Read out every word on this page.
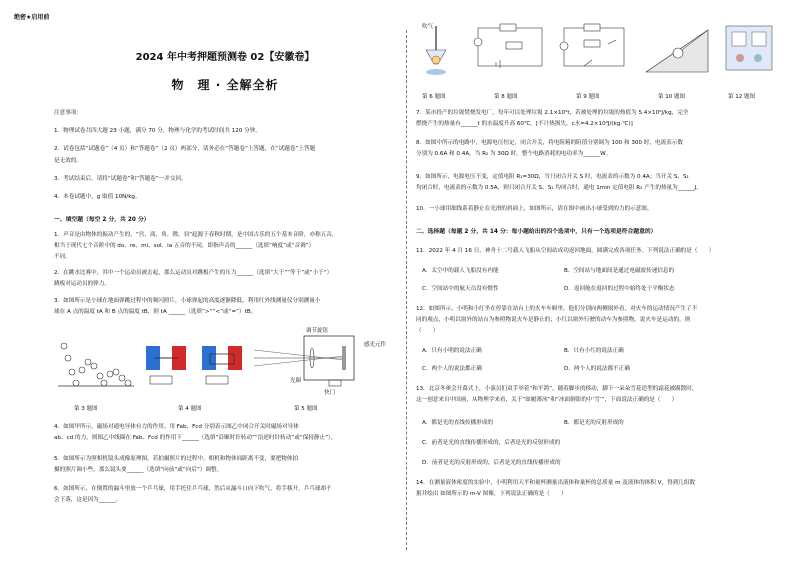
绝密★启用前
2024 年中考押题预测卷 02【安徽卷】
物　理 · 全解全析
注意事项：
1．物理试卷共四大题 23 小题，满分 70 分，物理与化学的考试时间共 120 分钟。
2．试卷包括“试题卷”（4 页）和“答题卷”（2 页）两部分，请务必在“答题卷”上答题，在“试题卷”上答题
是无效的。
3．考试结束后，请将“试题卷”和“答题卷”一并交回。
4．本卷试题中，g 取值 10N/kg。
一、填空题（每空 2 分，共 20 分）
1．声音是由物体的振动产生的，“宫、商、角、徵、羽”起源于春秋时期，是中国古乐的五个基本音阶，亦称五音，
相当于现代七个音阶中的 do、re、mi、sol、la 五音的不同，即指声音的______（选填“响度”或“音调”）
不同。
2．在跳水比赛中，其中一个运动员被击起，那么运动员对跳板产生的压力______（选填“大于”“等于”或“小于”）
跳板对运动员的弹力。
3．如图所示是小球在地面弹跳过程中的频闪照片，小球弹起的高度逐渐降低，利用红外线测量仪分别测量小
球在 A 点的温度 tA 和 B 点的温度 tB，则 tA ______（选填“>”“<”或“=”）tB。
调节旋钮
感光元件
光圈
快门
第 3 题图	第 4 题图	第 5 题图
4．如图甲所示，磁场对通电导体有力的作用。用 Fab、Fcd 分别表示图乙中闭合开关时磁场对导体
ab、cd 的力，则图乙中线圈在 Fab、Fcd 的作用下______（选填“沿顺时针转动”“沿逆时针转动”或“保持静止”）。
5．如图所示为照相机镜头成像原理图，若拍摄照片的过程中，相机和物体间距离不变，要把物体拍
摄的照片调小些，那么镜头要______（选填“向前”或“向后”）调整。
6．如图所示，在倒置的漏斗里放一个乒乓球，用手托住乒乓球，然后从漏斗口向下吹气，将手移开，乒乓球却不
会下落，这是因为______。
吹气
第 6 题图	第 8 题图	第 9 题图	第 10 题图	第 12 题图
7．某市投产的垃圾焚烧发电厂，每年可以处理垃圾 2.1×10⁵t，若被处理的垃圾的热值为 5.4×10⁶J/kg，完全
燃烧产生的热量有______t 的水温度升高 60℃。[不计热损失，c水=4.2×10³J/(kg·℃)]
8．如图中所示的电路中，电源电压恒定，闭合开关，将电阻箱的阻值分别调为 100 和 300 时，电流表示数
分别为 0.6A 和 0.4A，当 R₂ 为 30Ω 时，整个电路消耗的电功率为______W。
9．如图所示，电源电压不变，定值电阻 R₁=30Ω，当只闭合开关 S 时，电流表的示数为 0.4A；当开关 S、S₁
均闭合时，电流表的示数为 0.5A，则只闭合开关 S、S₁ 均闭合时，通电 1min 定值电阻 R₂ 产生的热量为______J。
10．一小球用细线系着静止在光滑的斜面上，如图所示，请在图中画出小球受到的力的示意图。
二、选择题（每题 2 分，共 14 分：每小题给出的四个选项中，只有一个选项是符合题意的）
11．2022 年 4 月 16 日，神舟十二号载人飞船从空间站成功返回地面，圆满完成各项任务。下列说法正确的是（　　）
A．太空中的载人飞船没有内能	B．空间站与地面间是通过电磁波传递信息的
C．空间站中的航天员没有惯性	D．返回舱在返回的过程中始终处于平衡状态
12．如图所示，小明和小红坐在停靠在站台上的火车车厢里，他们分别向两侧窗外看，对火车的运动情况产生了不
同的观点，小明以窗外的站台为参照物说火车是静止的；小红以窗外行驶的动车为参照物，说火车是运动的。则
（　　）
A．只有小明的说法正确	B．只有小红的说法正确
C．两个人的说法都正确	D．两个人的说法都不正确
13．北京冬奥会开幕式上，小演员们双手举着“和平鸽”，随着脚步的移动，脚下一朵朵雪花造型的霜花被踢散时，
这一创意来自中国画，从物理学来看，关于“如履薄冰”和“冰面倒影的中‘雪’”，下面说法正确的是（　　）
A．都是光的直线传播形成的	B．都是光的反射形成的
C．前者是光的直线传播形成的，后者是光的反射形成的
D．前者是光的反射形成的，后者是光的直线传播形成的
14．在测量液体密度的实验中，小明利用天平和量杯测量出液体和量杯的总质量 m 及液体的体积 V，得到几组数
据并绘出 如图所示的 m-V 图像，下列说法正确的是（　　）
